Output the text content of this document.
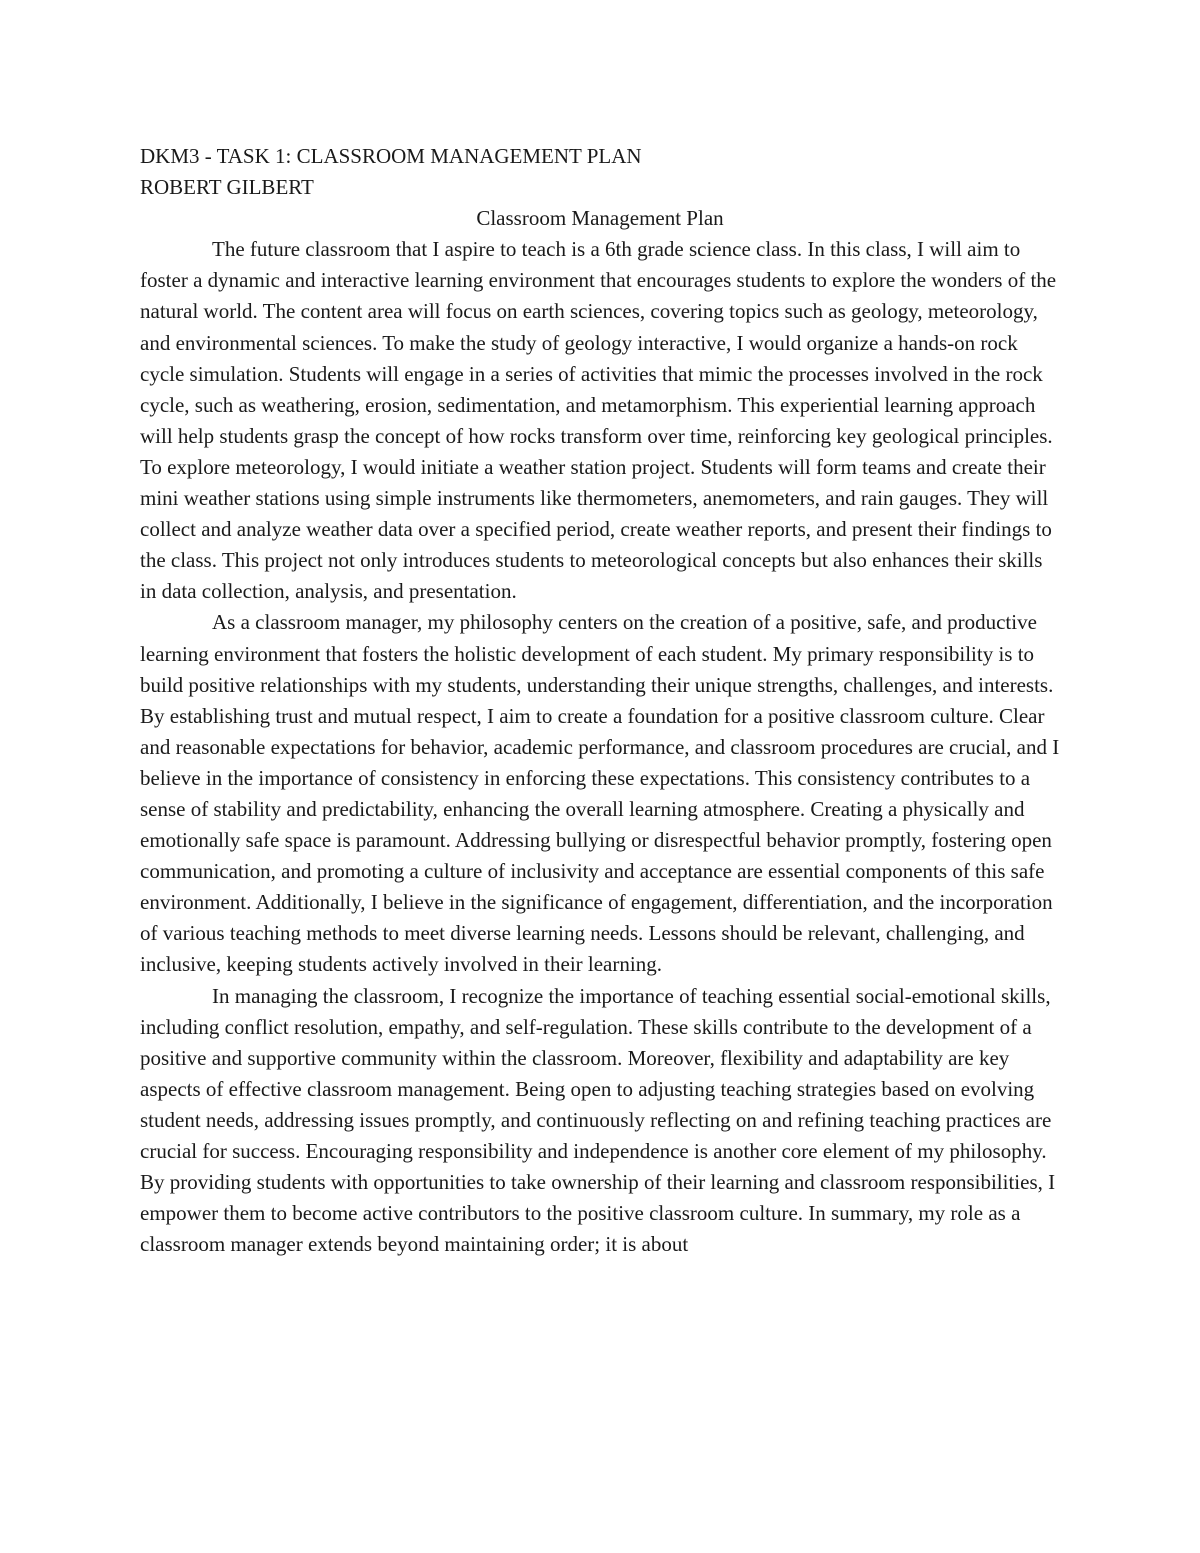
DKM3 - TASK 1: CLASSROOM MANAGEMENT PLAN

ROBERT GILBERT

Classroom Management Plan

The future classroom that I aspire to teach is a 6th grade science class. In this class, I will aim to foster a dynamic and interactive learning environment that encourages students to explore the wonders of the natural world. The content area will focus on earth sciences, covering topics such as geology, meteorology, and environmental sciences. To make the study of geology interactive, I would organize a hands-on rock cycle simulation. Students will engage in a series of activities that mimic the processes involved in the rock cycle, such as weathering, erosion, sedimentation, and metamorphism. This experiential learning approach will help students grasp the concept of how rocks transform over time, reinforcing key geological principles. To explore meteorology, I would initiate a weather station project. Students will form teams and create their mini weather stations using simple instruments like thermometers, anemometers, and rain gauges. They will collect and analyze weather data over a specified period, create weather reports, and present their findings to the class. This project not only introduces students to meteorological concepts but also enhances their skills in data collection, analysis, and presentation.

As a classroom manager, my philosophy centers on the creation of a positive, safe, and productive learning environment that fosters the holistic development of each student. My primary responsibility is to build positive relationships with my students, understanding their unique strengths, challenges, and interests. By establishing trust and mutual respect, I aim to create a foundation for a positive classroom culture. Clear and reasonable expectations for behavior, academic performance, and classroom procedures are crucial, and I believe in the importance of consistency in enforcing these expectations. This consistency contributes to a sense of stability and predictability, enhancing the overall learning atmosphere. Creating a physically and emotionally safe space is paramount. Addressing bullying or disrespectful behavior promptly, fostering open communication, and promoting a culture of inclusivity and acceptance are essential components of this safe environment. Additionally, I believe in the significance of engagement, differentiation, and the incorporation of various teaching methods to meet diverse learning needs. Lessons should be relevant, challenging, and inclusive, keeping students actively involved in their learning.

In managing the classroom, I recognize the importance of teaching essential social-emotional skills, including conflict resolution, empathy, and self-regulation. These skills contribute to the development of a positive and supportive community within the classroom. Moreover, flexibility and adaptability are key aspects of effective classroom management. Being open to adjusting teaching strategies based on evolving student needs, addressing issues promptly, and continuously reflecting on and refining teaching practices are crucial for success. Encouraging responsibility and independence is another core element of my philosophy. By providing students with opportunities to take ownership of their learning and classroom responsibilities, I empower them to become active contributors to the positive classroom culture. In summary, my role as a classroom manager extends beyond maintaining order; it is about
